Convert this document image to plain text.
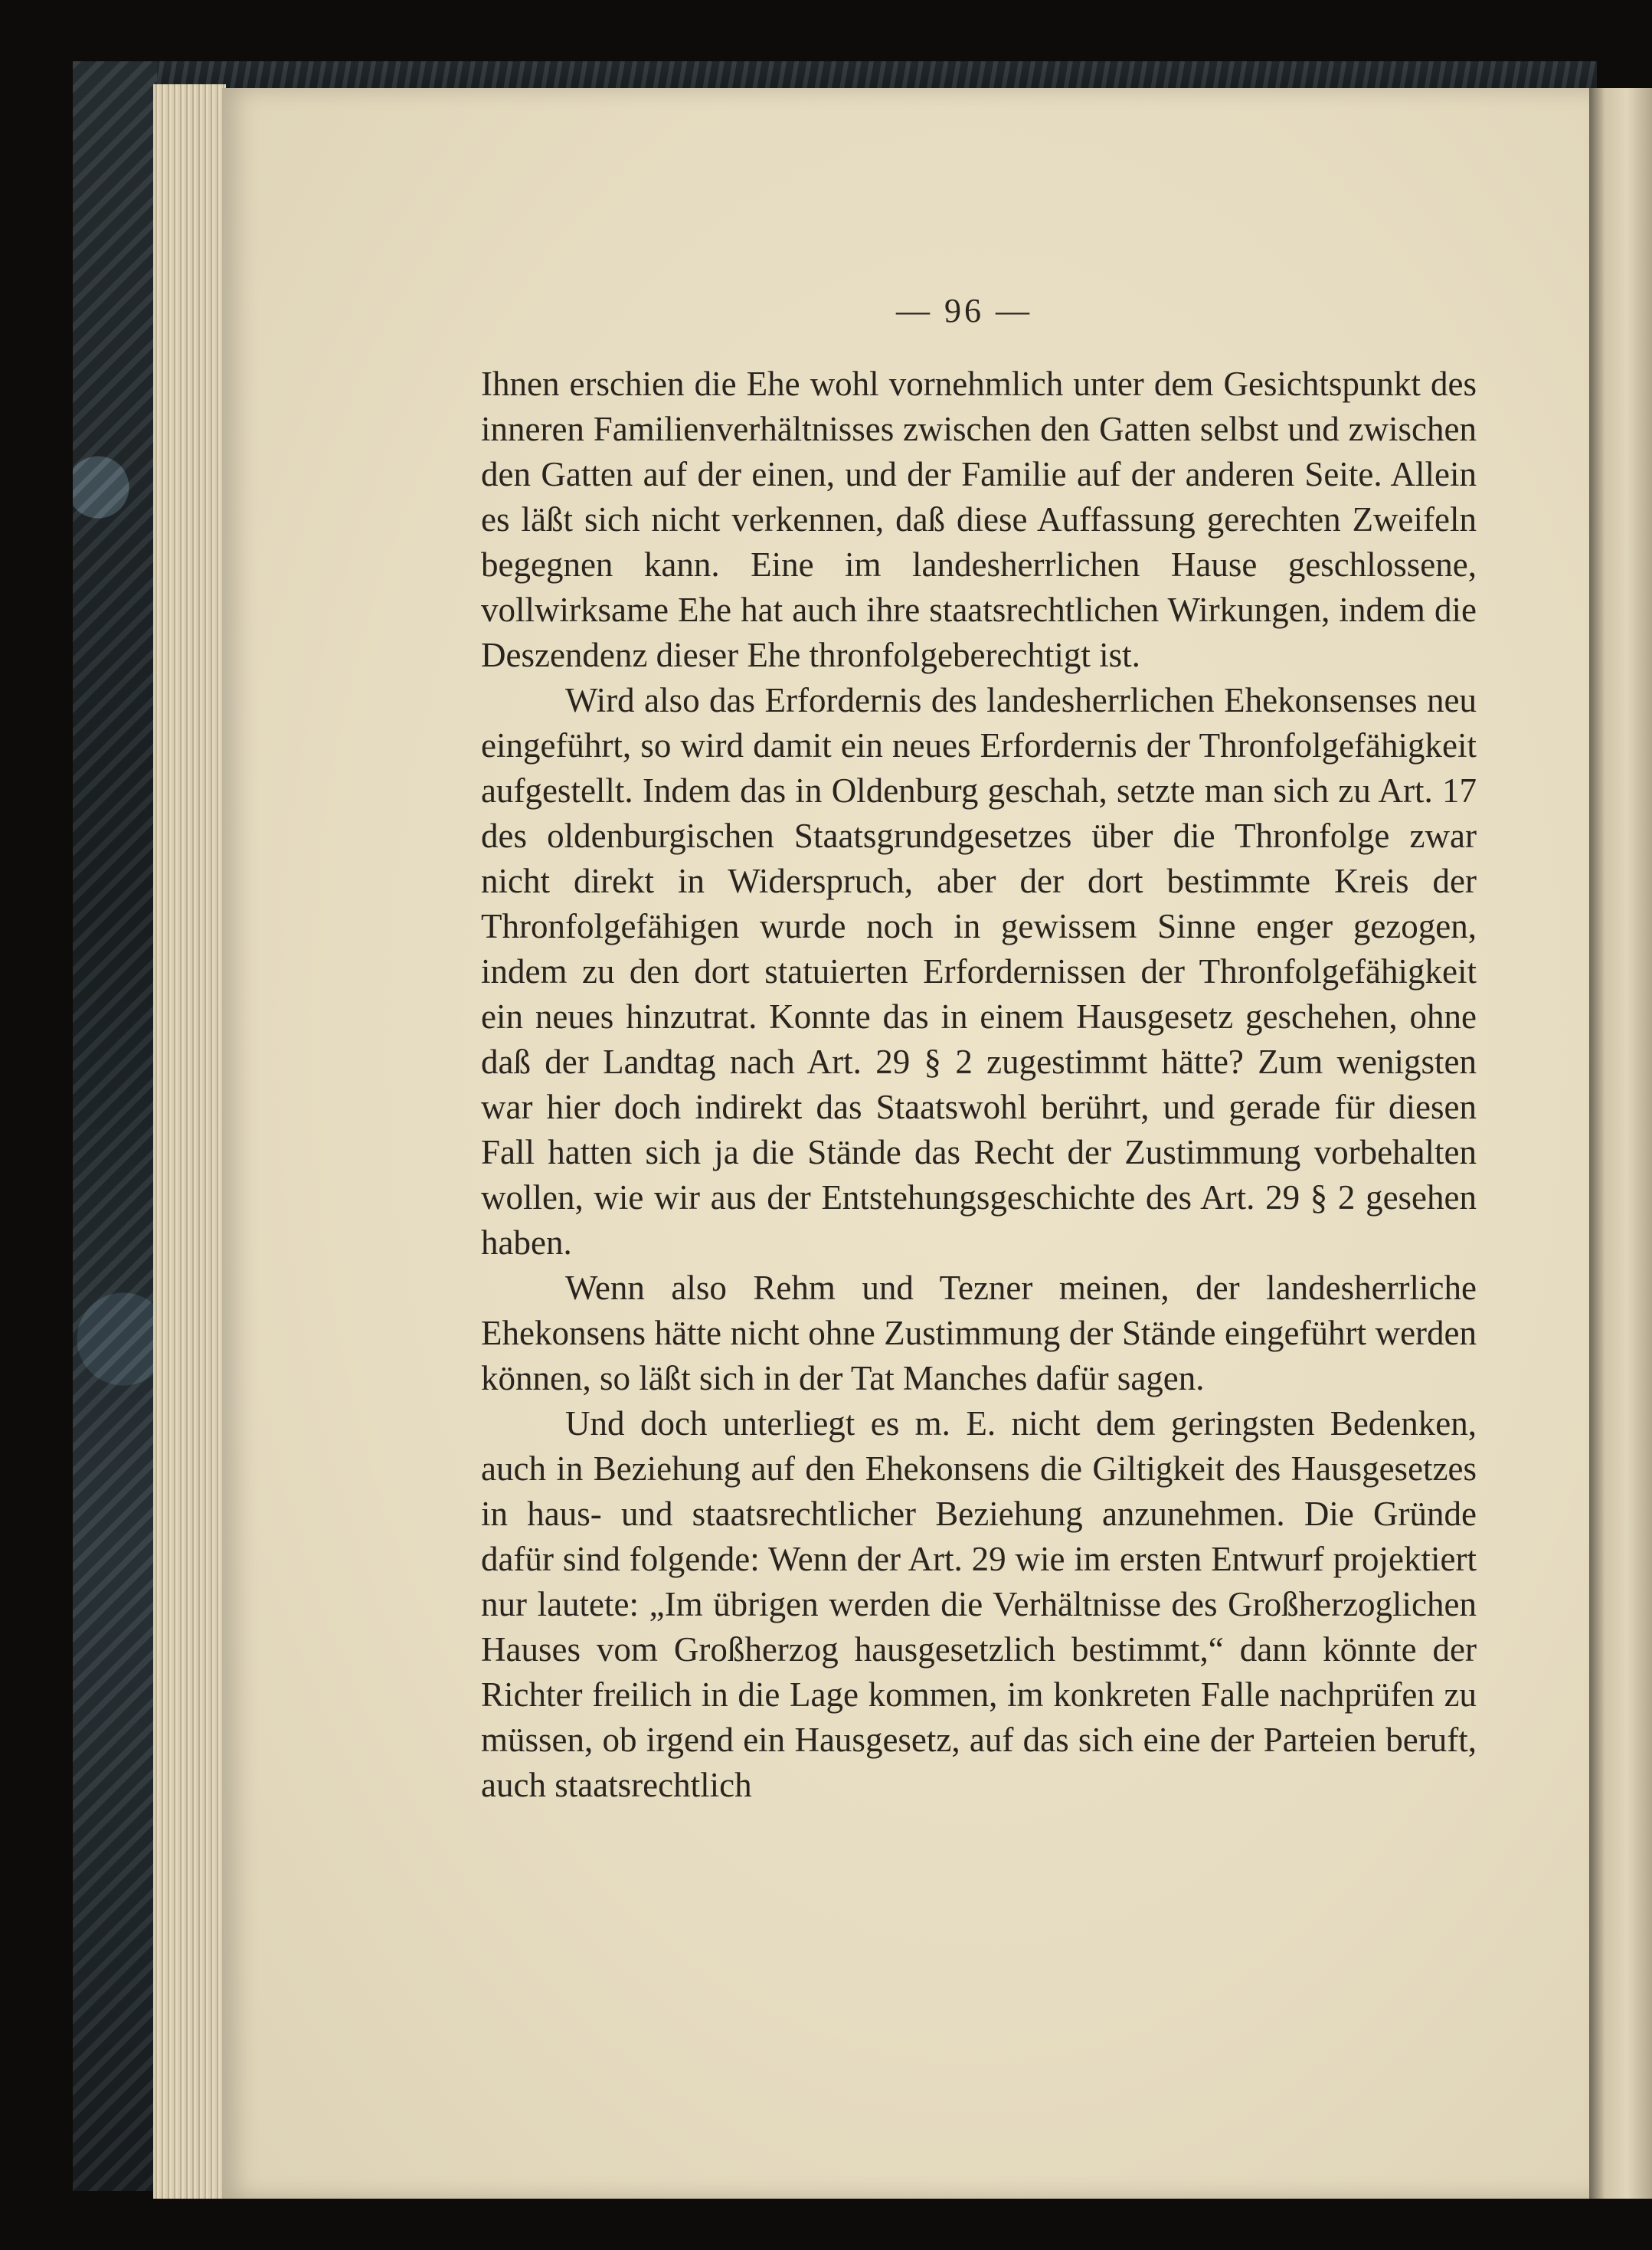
— 96 —

Ihnen erschien die Ehe wohl vornehmlich unter dem Gesichtspunkt des inneren Familienverhältnisses zwischen den Gatten selbst und zwischen den Gatten auf der einen, und der Familie auf der anderen Seite. Allein es läßt sich nicht verkennen, daß diese Auffassung gerechten Zweifeln begegnen kann. Eine im landesherrlichen Hause geschlossene, vollwirksame Ehe hat auch ihre staatsrechtlichen Wirkungen, indem die Deszendenz dieser Ehe thronfolgeberechtigt ist.

Wird also das Erfordernis des landesherrlichen Ehekonsenses neu eingeführt, so wird damit ein neues Erfordernis der Thronfolgefähigkeit aufgestellt. Indem das in Oldenburg geschah, setzte man sich zu Art. 17 des oldenburgischen Staatsgrundgesetzes über die Thronfolge zwar nicht direkt in Widerspruch, aber der dort bestimmte Kreis der Thronfolgefähigen wurde noch in gewissem Sinne enger gezogen, indem zu den dort statuierten Erfordernissen der Thronfolgefähigkeit ein neues hinzutrat. Konnte das in einem Hausgesetz geschehen, ohne daß der Landtag nach Art. 29 § 2 zugestimmt hätte? Zum wenigsten war hier doch indirekt das Staatswohl berührt, und gerade für diesen Fall hatten sich ja die Stände das Recht der Zustimmung vorbehalten wollen, wie wir aus der Entstehungsgeschichte des Art. 29 § 2 gesehen haben.

Wenn also Rehm und Tezner meinen, der landesherrliche Ehekonsens hätte nicht ohne Zustimmung der Stände eingeführt werden können, so läßt sich in der Tat Manches dafür sagen.

Und doch unterliegt es m. E. nicht dem geringsten Bedenken, auch in Beziehung auf den Ehekonsens die Giltigkeit des Hausgesetzes in haus- und staatsrechtlicher Beziehung anzunehmen. Die Gründe dafür sind folgende: Wenn der Art. 29 wie im ersten Entwurf projektiert nur lautete: „Im übrigen werden die Verhältnisse des Großherzoglichen Hauses vom Großherzog hausgesetzlich bestimmt,“ dann könnte der Richter freilich in die Lage kommen, im konkreten Falle nachprüfen zu müssen, ob irgend ein Hausgesetz, auf das sich eine der Parteien beruft, auch staatsrechtlich
